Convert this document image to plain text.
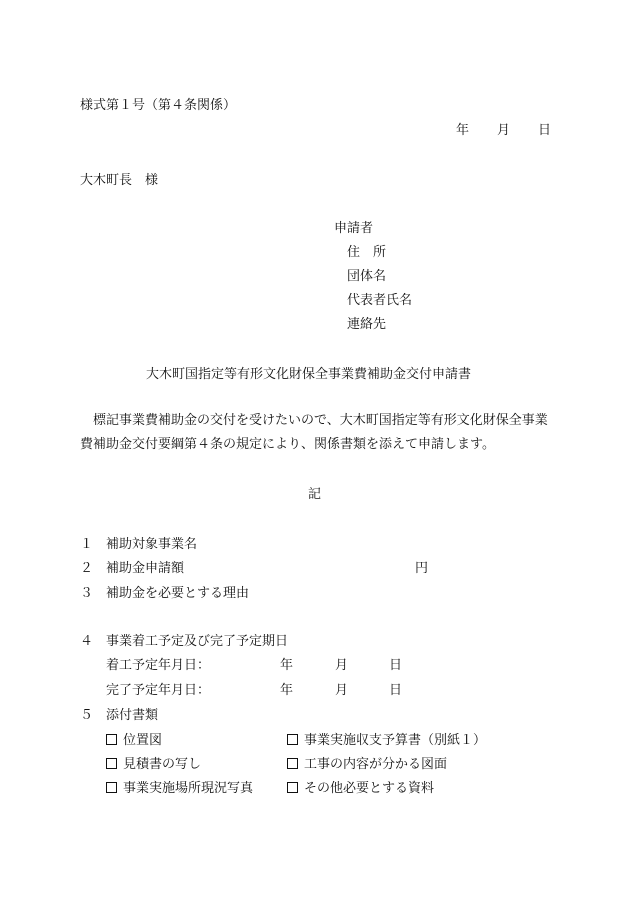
様式第１号（第４条関係）
年 月 日
大木町長　様
申請者
住　所
団体名
代表者氏名
連絡先
大木町国指定等有形文化財保全事業費補助金交付申請書
標記事業費補助金の交付を受けたいので、大木町国指定等有形文化財保全事業費補助金交付要綱第４条の規定により、関係書類を添えて申請します。
記
１ 補助対象事業名
２ 補助金申請額	円
３ 補助金を必要とする理由
４ 事業着工予定及び完了予定期日
着工予定年月日：	年	月	日
完了予定年月日：	年	月	日
５ 添付書類
位置図	事業実施収支予算書（別紙１）
見積書の写し	工事の内容が分かる図面
事業実施場所現況写真	その他必要とする資料
